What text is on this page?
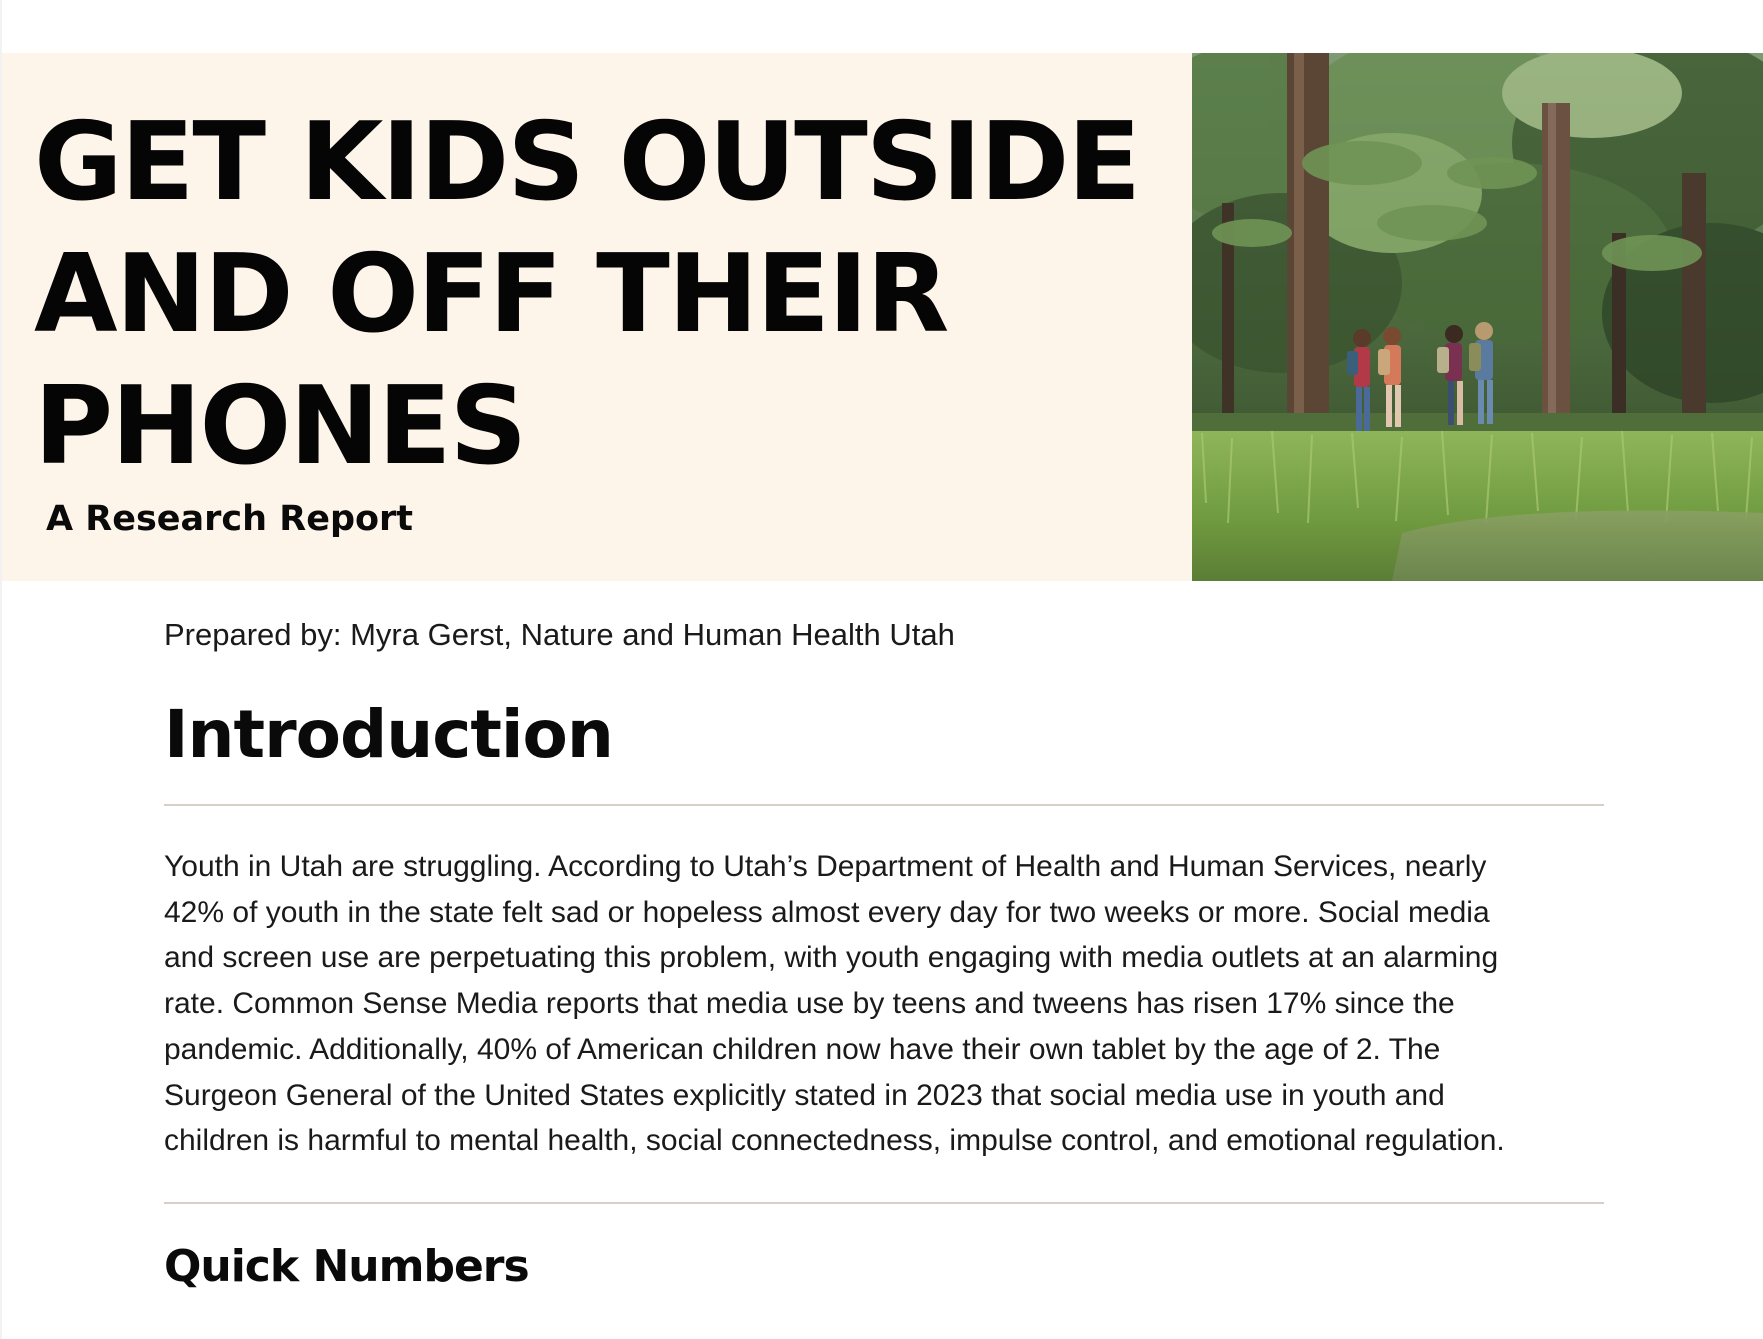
GET KIDS OUTSIDE
AND OFF THEIR
PHONES

A Research Report

Prepared by: Myra Gerst, Nature and Human Health Utah

Introduction

Youth in Utah are struggling. According to Utah’s Department of Health and Human Services, nearly
42% of youth in the state felt sad or hopeless almost every day for two weeks or more. Social media
and screen use are perpetuating this problem, with youth engaging with media outlets at an alarming
rate. Common Sense Media reports that media use by teens and tweens has risen 17% since the
pandemic. Additionally, 40% of American children now have their own tablet by the age of 2. The
Surgeon General of the United States explicitly stated in 2023 that social media use in youth and
children is harmful to mental health, social connectedness, impulse control, and emotional regulation.

Quick Numbers
